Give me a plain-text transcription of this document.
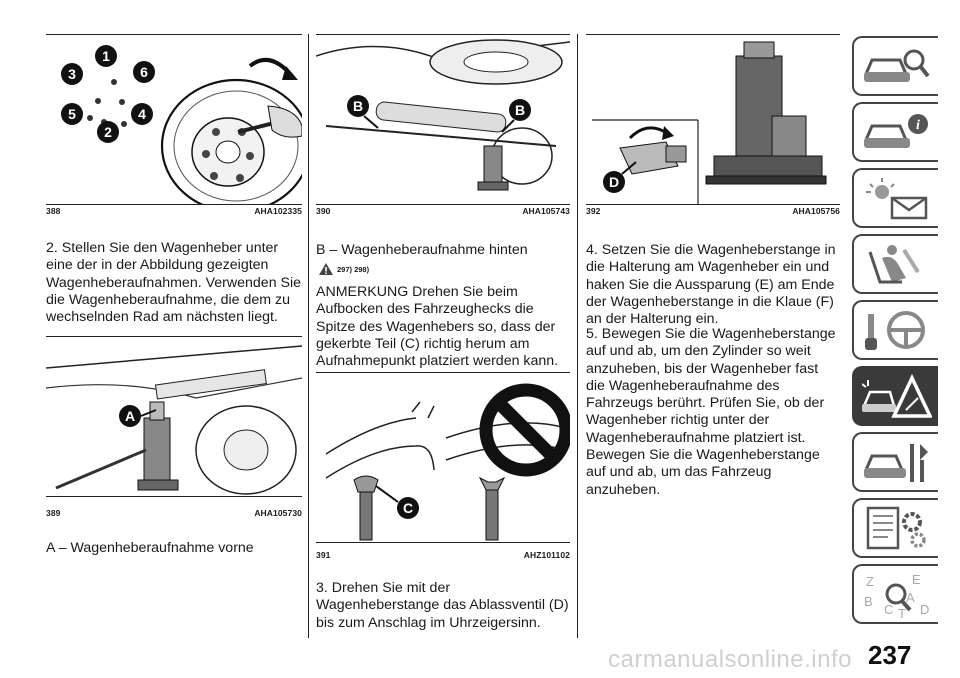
1
3	6
5	4
2
388	AHA102335
2. Stellen Sie den Wagenheber unter eine der in der Abbildung gezeigten Wagenheberaufnahmen. Verwenden Sie die Wagenheberaufnahme, die dem zu wechselnden Rad am nächsten liegt.
A
389	AHA105730
A – Wagenheberaufnahme vorne
B	B
390	AHA105743
B – Wagenheberaufnahme hinten
297) 298)
ANMERKUNG Drehen Sie beim Aufbocken des Fahrzeughecks die Spitze des Wagenhebers so, dass der gekerbte Teil (C) richtig herum am Aufnahmepunkt platziert werden kann.
C
391	AHZ101102
3. Drehen Sie mit der Wagenheberstange das Ablassventil (D) bis zum Anschlag im Uhrzeigersinn.
D
392	AHA105756
4. Setzen Sie die Wagenheberstange in die Halterung am Wagenheber ein und haken Sie die Aussparung (E) am Ende der Wagenheberstange in die Klaue (F) an der Halterung ein.
5. Bewegen Sie die Wagenheberstange auf und ab, um den Zylinder so weit anzuheben, bis der Wagenheber fast die Wagenheberaufnahme des Fahrzeugs berührt. Prüfen Sie, ob der Wagenheber richtig unter der Wagenheberaufnahme platziert ist. Bewegen Sie die Wagenheberstange auf und ab, um das Fahrzeug anzuheben.
i
Z	E
B	A
C D
T
carmanualsonline.info 237
